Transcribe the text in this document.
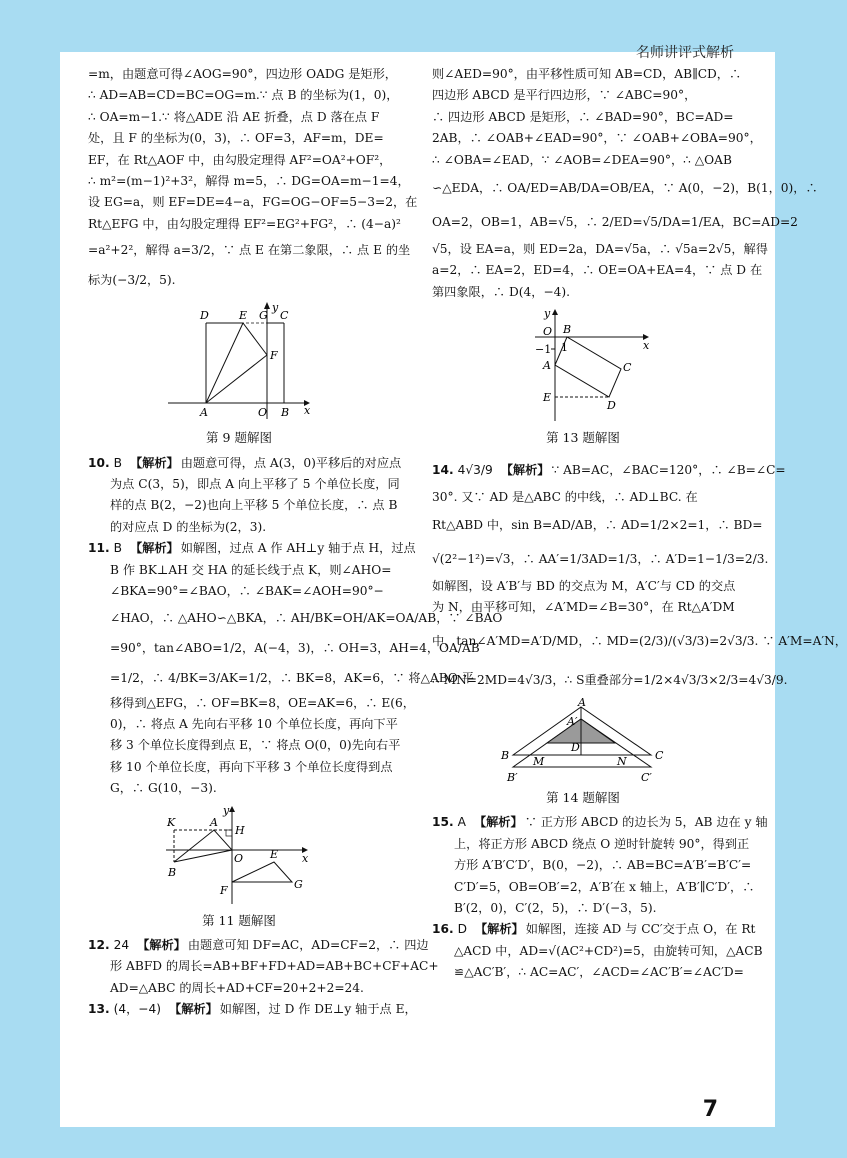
名师讲评式解析

=m，由题意可得∠AOG=90°，四边形 OADG 是矩形，

∴ AD=AB=CD=BC=OG=m.∵ 点 B 的坐标为(1，0)，

∴ OA=m−1.∵ 将△ADE 沿 AE 折叠，点 D 落在点 F

处，且 F 的坐标为(0，3)，∴ OF=3，AF=m，DE=

EF，在 Rt△AOF 中，由勾股定理得 AF²=OA²+OF²，

∴ m²=(m−1)²+3²，解得 m=5，∴ DG=OA=m−1=4，

设 EG=a，则 EF=DE=4−a，FG=OG−OF=5−3=2，在

Rt△EFG 中，由勾股定理得 EF²=EG²+FG²，∴ (4−a)²

=a²+2²，解得 a=3/2，∵ 点 E 在第二象限，∴ 点 E 的坐

标为(−3/2，5).

D	E G C
F
A	O B x
y
第 9 题解图

10. B 【解析】 由题意可得，点 A(3，0)平移后的对应点

为点 C(3，5)，即点 A 向上平移了 5 个单位长度，同

样的点 B(2，−2)也向上平移 5 个单位长度，∴ 点 B

的对应点 D 的坐标为(2，3).

11. B 【解析】 如解图，过点 A 作 AH⊥y 轴于点 H，过点

B 作 BK⊥AH 交 HA 的延长线于点 K，则∠AHO=

∠BKA=90°=∠BAO，∴ ∠BAK=∠AOH=90°−

∠HAO，∴ △AHO∽△BKA，∴ AH/BK=OH/AK=OA/AB，∵ ∠BAO

=90°，tan∠ABO=1/2，A(−4，3)，∴ OH=3，AH=4，OA/AB

=1/2，∴ 4/BK=3/AK=1/2，∴ BK=8，AK=6，∵ 将△ABO 平

移得到△EFG，∴ OF=BK=8，OE=AK=6，∴ E(6，

0)，∴ 将点 A 先向右平移 10 个单位长度，再向下平

移 3 个单位长度得到点 E，∵ 将点 O(0，0)先向右平

移 10 个单位长度，再向下平移 3 个单位长度得到点

G，∴ G(10，−3).

K	A
H
y
E x
O
B
F	G
第 11 题解图

12. 24 【解析】 由题意可知 DF=AC，AD=CF=2，∴ 四边

形 ABFD 的周长=AB+BF+FD+AD=AB+BC+CF+AC+

AD=△ABC 的周长+AD+CF=20+2+2=24.

13. (4，−4) 【解析】 如解图，过 D 作 DE⊥y 轴于点 E，

则∠AED=90°，由平移性质可知 AB=CD，AB∥CD，∴

四边形 ABCD 是平行四边形，∵ ∠ABC=90°，

∴ 四边形 ABCD 是矩形，∴ ∠BAD=90°，BC=AD=

2AB，∴ ∠OAB+∠EAD=90°，∵ ∠OAB+∠OBA=90°，

∴ ∠OBA=∠EAD，∵ ∠AOB=∠DEA=90°，∴ △OAB

∽△EDA，∴ OA/ED=AB/DA=OB/EA，∵ A(0，−2)，B(1，0)，∴

OA=2，OB=1，AB=√5，∴ 2/ED=√5/DA=1/EA，BC=AD=2

√5，设 EA=a，则 ED=2a，DA=√5a，∴ √5a=2√5，解得

a=2，∴ EA=2，ED=4，∴ OE=OA+EA=4，∵ 点 D 在

第四象限，∴ D(4，−4).

y
O B
−1 1
A	C
E
D
x
第 13 题解图

14. 4√3/9 【解析】 ∵ AB=AC，∠BAC=120°，∴ ∠B=∠C=

30°. 又∵ AD 是△ABC 的中线，∴ AD⊥BC. 在

Rt△ABD 中，sin B=AD/AB，∴ AD=1/2×2=1，∴ BD=

√(2²−1²)=√3，∴ AA′=1/3AD=1/3，∴ A′D=1−1/3=2/3.

如解图，设 A′B′与 BD 的交点为 M，A′C′与 CD 的交点

为 N，由平移可知，∠A′MD=∠B=30°，在 Rt△A′DM

中，tan∠A′MD=A′D/MD，∴ MD=(2/3)/(√3/3)=2√3/3. ∵ A′M=A′N，

∴ MN=2MD=4√3/3，∴ S重叠部分=1/2×4√3/3×2/3=4√3/9.

A
A′
D
B M	N	C
B′	C′
第 14 题解图

15. A 【解析】 ∵ 正方形 ABCD 的边长为 5，AB 边在 y 轴

上，将正方形 ABCD 绕点 O 逆时针旋转 90°，得到正

方形 A′B′C′D′，B(0，−2)，∴ AB=BC=A′B′=B′C′=

C′D′=5，OB=OB′=2，A′B′在 x 轴上，A′B′∥C′D′，∴

B′(2，0)，C′(2，5)，∴ D′(−3，5).

16. D 【解析】 如解图，连接 AD 与 CC′交于点 O，在 Rt

△ACD 中，AD=√(AC²+CD²)=5，由旋转可知，△ACB

≌△AC′B′，∴ AC=AC′，∠ACD=∠AC′B′=∠AC′D=

7
